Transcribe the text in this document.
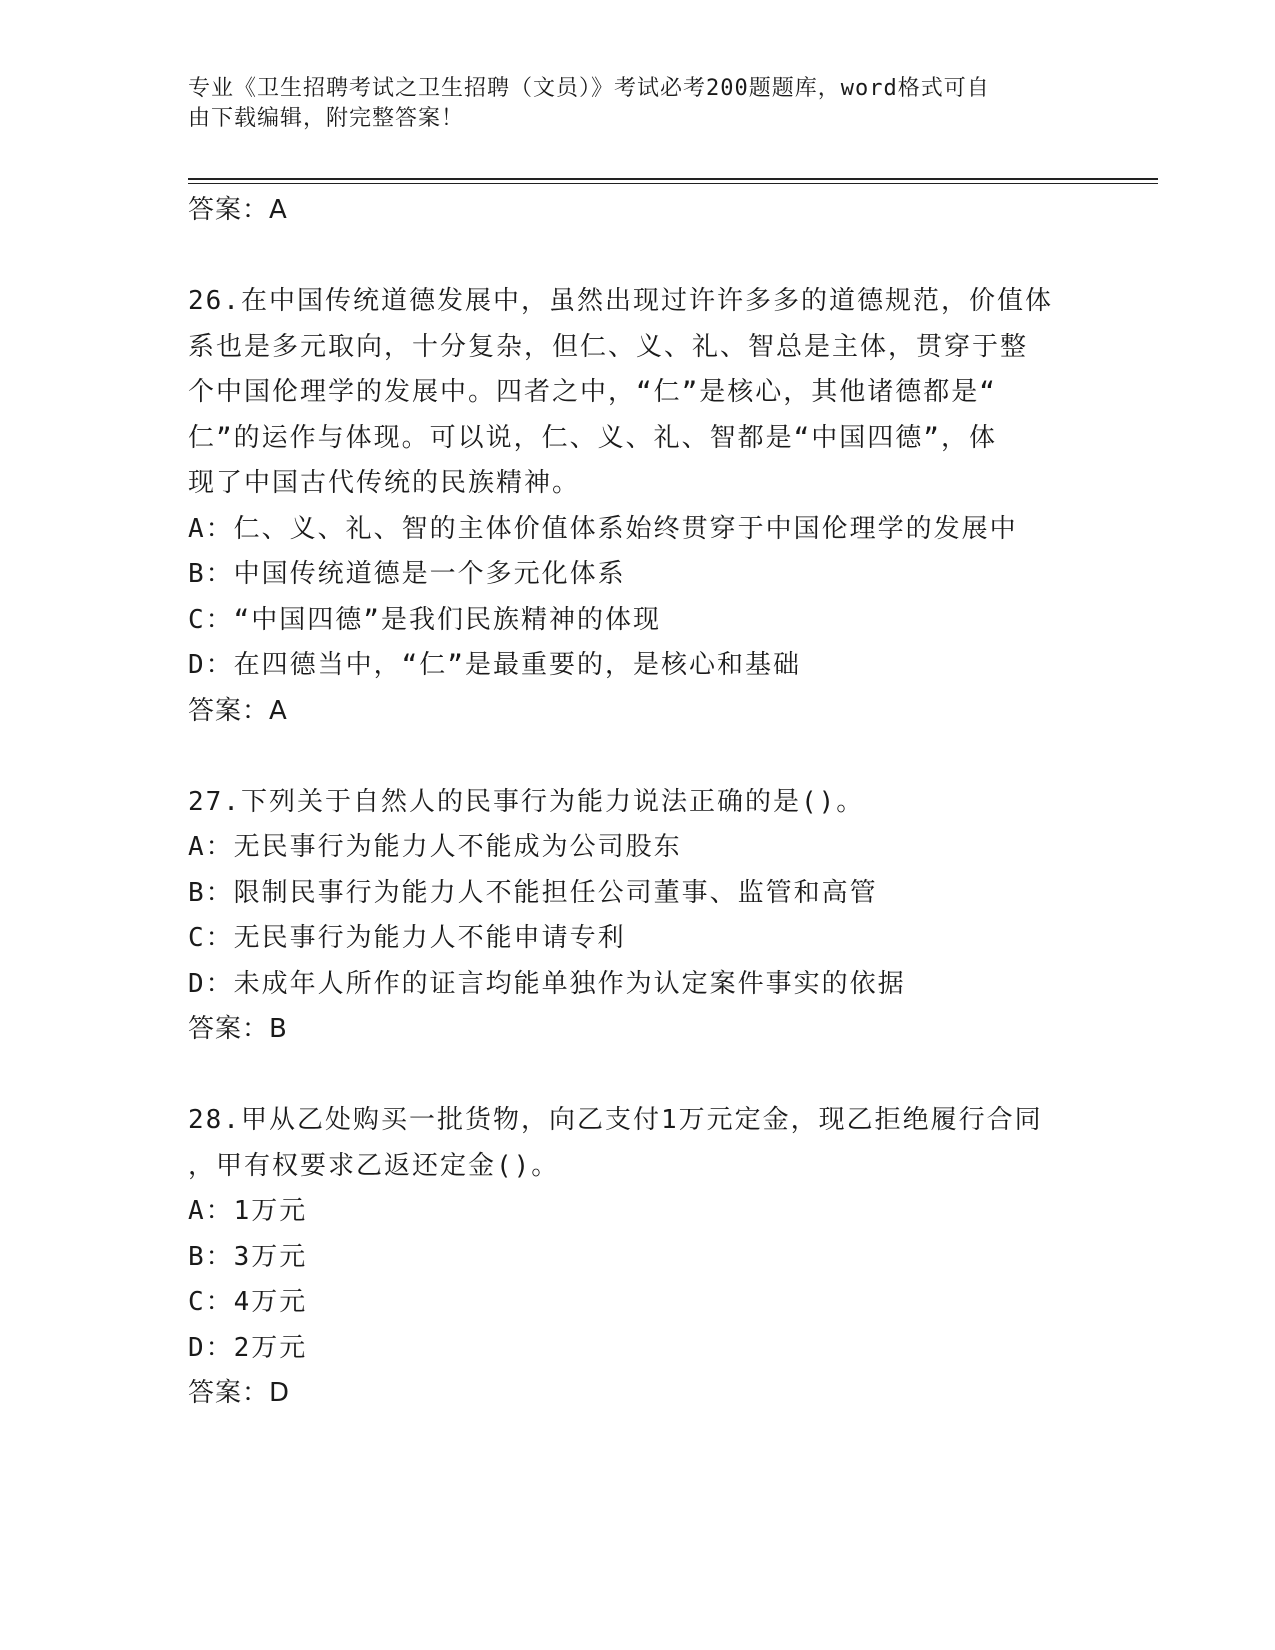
专业《卫生招聘考试之卫生招聘（文员）》考试必考200题题库，word格式可自
由下载编辑，附完整答案！
答案：A
26.在中国传统道德发展中，虽然出现过许许多多的道德规范，价值体
系也是多元取向，十分复杂，但仁、义、礼、智总是主体，贯穿于整
个中国伦理学的发展中。四者之中，“仁”是核心，其他诸德都是“
仁”的运作与体现。可以说，仁、义、礼、智都是“中国四德”，体
现了中国古代传统的民族精神。
A：仁、义、礼、智的主体价值体系始终贯穿于中国伦理学的发展中
B：中国传统道德是一个多元化体系
C：“中国四德”是我们民族精神的体现
D：在四德当中，“仁”是最重要的，是核心和基础
答案：A
27.下列关于自然人的民事行为能力说法正确的是()。
A：无民事行为能力人不能成为公司股东
B：限制民事行为能力人不能担任公司董事、监管和高管
C：无民事行为能力人不能申请专利
D：未成年人所作的证言均能单独作为认定案件事实的依据
答案：B
28.甲从乙处购买一批货物，向乙支付1万元定金，现乙拒绝履行合同
，甲有权要求乙返还定金()。
A：1万元
B：3万元
C：4万元
D：2万元
答案：D
